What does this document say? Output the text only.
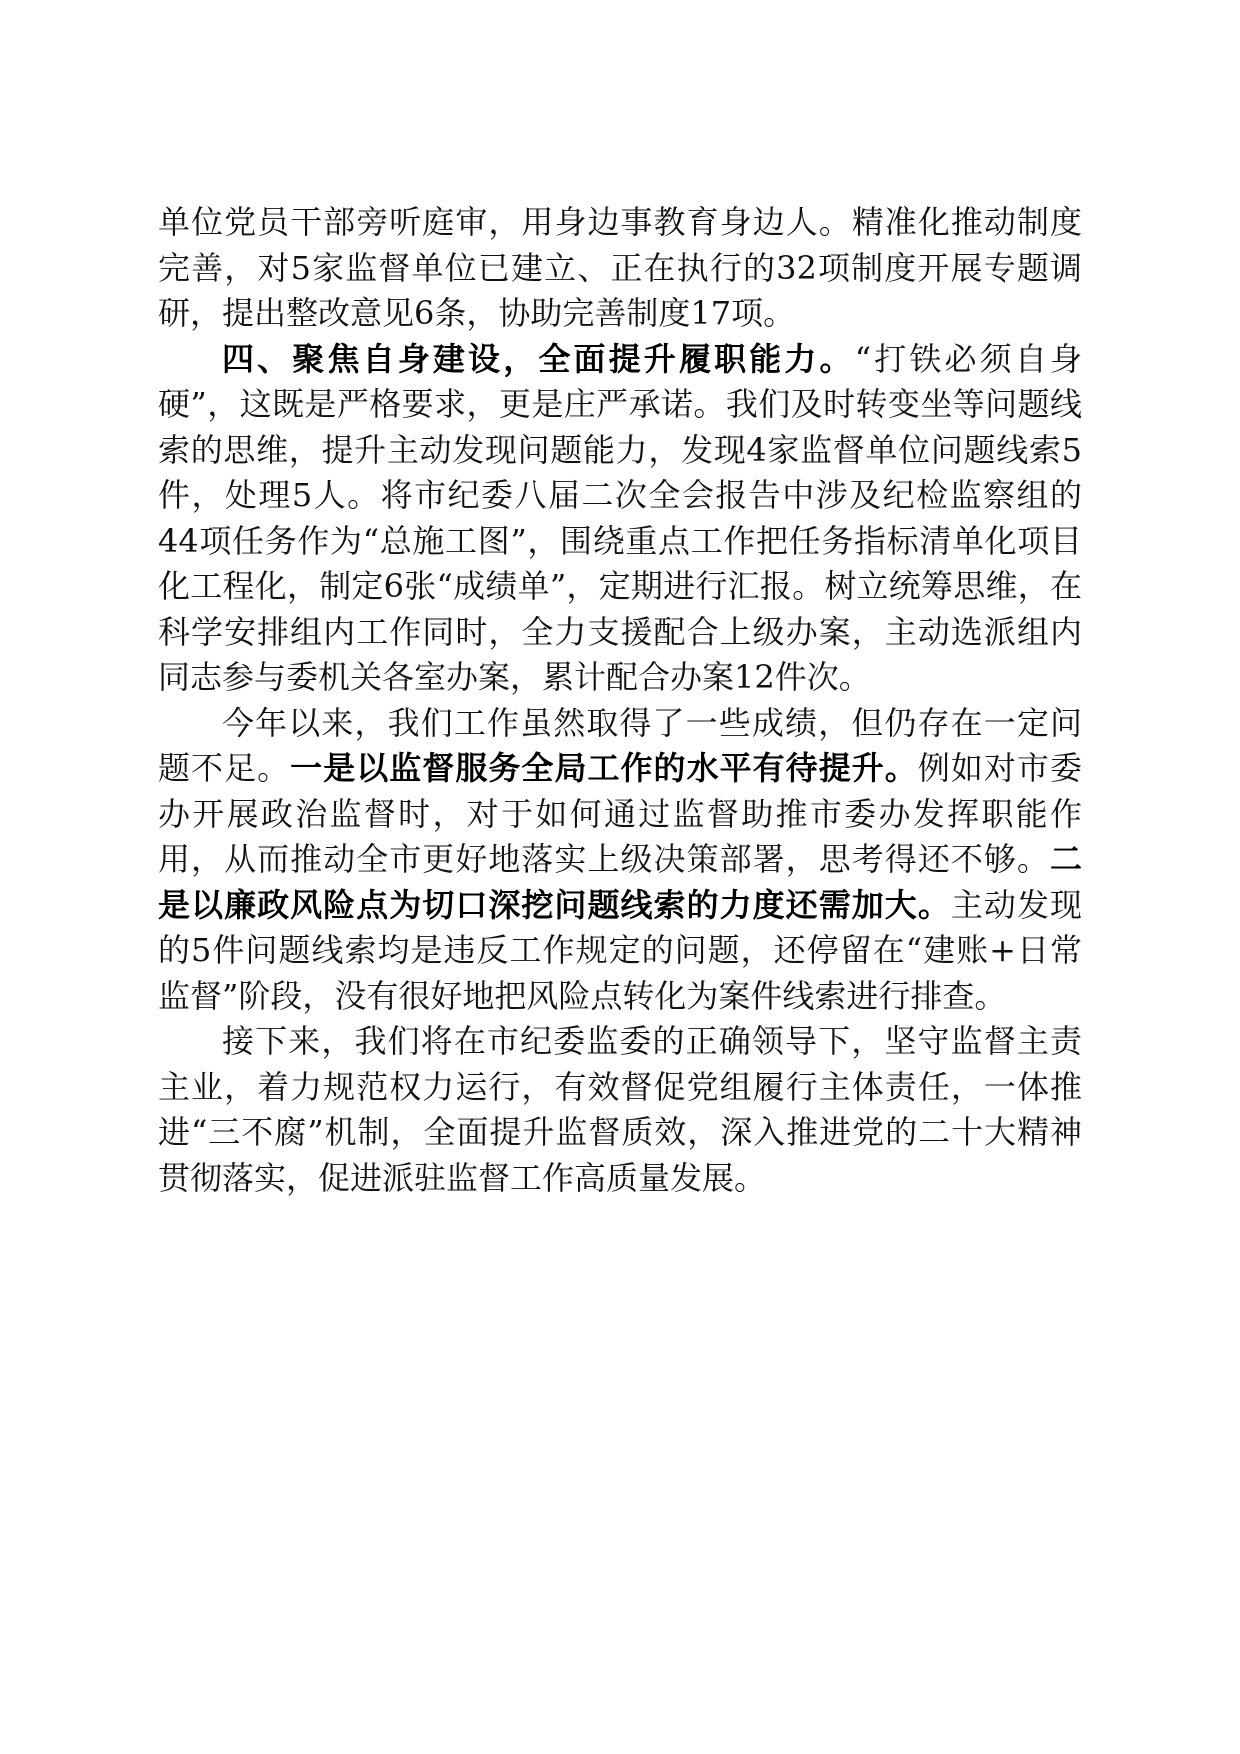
单位党员干部旁听庭审，用身边事教育身边人。精准化推动制度完善，对5家监督单位已建立、正在执行的32项制度开展专题调研，提出整改意见6条，协助完善制度17项。

四、聚焦自身建设，全面提升履职能力。“打铁必须自身硬”，这既是严格要求，更是庄严承诺。我们及时转变坐等问题线索的思维，提升主动发现问题能力，发现4家监督单位问题线索5件，处理5人。将市纪委八届二次全会报告中涉及纪检监察组的44项任务作为“总施工图”，围绕重点工作把任务指标清单化项目化工程化，制定6张“成绩单”，定期进行汇报。树立统筹思维，在科学安排组内工作同时，全力支援配合上级办案，主动选派组内同志参与委机关各室办案，累计配合办案12件次。

今年以来，我们工作虽然取得了一些成绩，但仍存在一定问题不足。一是以监督服务全局工作的水平有待提升。例如对市委办开展政治监督时，对于如何通过监督助推市委办发挥职能作用，从而推动全市更好地落实上级决策部署，思考得还不够。二是以廉政风险点为切口深挖问题线索的力度还需加大。主动发现的5件问题线索均是违反工作规定的问题，还停留在“建账+日常监督”阶段，没有很好地把风险点转化为案件线索进行排查。

接下来，我们将在市纪委监委的正确领导下，坚守监督主责主业，着力规范权力运行，有效督促党组履行主体责任，一体推进“三不腐”机制，全面提升监督质效，深入推进党的二十大精神贯彻落实，促进派驻监督工作高质量发展。
